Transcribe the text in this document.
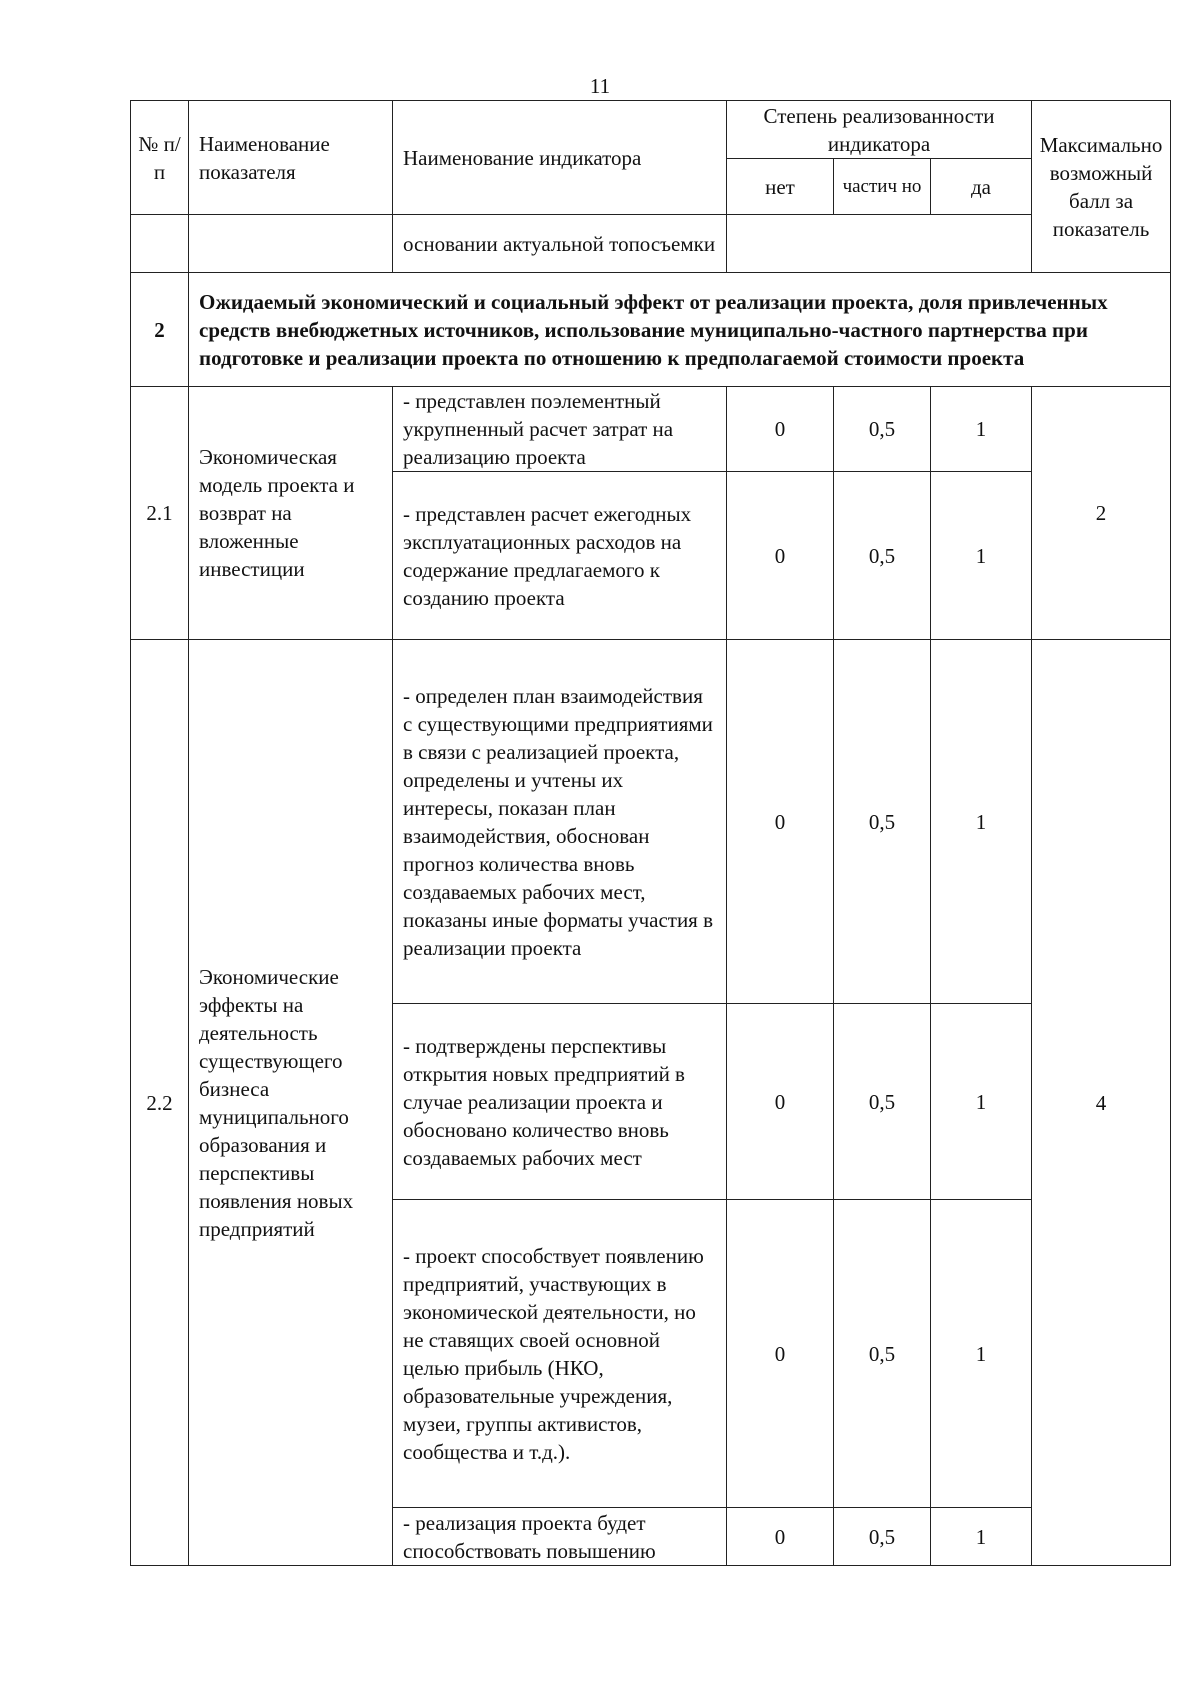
11
№ п/п	Наименование показателя	Наименование индикатора	Степень реализованности индикатора			Максимально возможный балл за показатель
			нет	частич но	да	
		основании актуальной топосъемки				
2	Ожидаемый экономический и социальный эффект от реализации проекта, доля привлеченных средств внебюджетных источников, использование муниципально-частного партнерства при подготовке и реализации проекта по отношению к предполагаемой стоимости проекта					
2.1	Экономическая модель проекта и возврат на вложенные инвестиции	- представлен поэлементный укрупненный расчет затрат на реализацию проекта	0	0,5	1	2
		- представлен расчет ежегодных эксплуатационных расходов на содержание предлагаемого к созданию проекта	0	0,5	1	
2.2	Экономические эффекты на деятельность существующего бизнеса муниципального образования и перспективы появления новых предприятий	- определен план взаимодействия с существующими предприятиями в связи с реализацией проекта, определены и учтены их интересы, показан план взаимодействия, обоснован прогноз количества вновь создаваемых рабочих мест, показаны иные форматы участия в реализации проекта	0	0,5	1	4
		- подтверждены перспективы открытия новых предприятий в случае реализации проекта и обосновано количество вновь создаваемых рабочих мест	0	0,5	1	
		- проект способствует появлению предприятий, участвующих в экономической деятельности, но не ставящих своей основной целью прибыль (НКО, образовательные учреждения, музеи, группы активистов, сообщества и т.д.).	0	0,5	1	
		- реализация проекта будет способствовать повышению	0	0,5	1	
